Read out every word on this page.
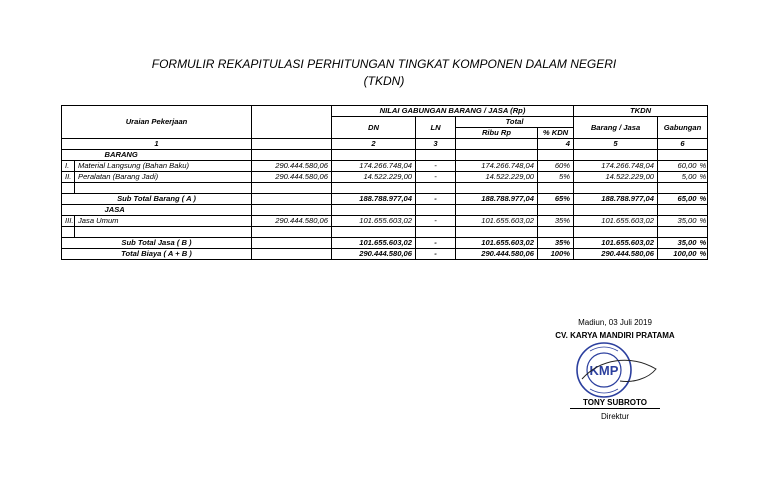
FORMULIR REKAPITULASI PERHITUNGAN TINGKAT KOMPONEN DALAM NEGERI
(TKDN)
Uraian Pekerjaan			NILAI GABUNGAN BARANG / JASA (Rp)				TKDN		
			DN	LN	Total		Barang / Jasa	Gabungan	
					Ribu Rp	% KDN			
1			2	3		4	5	6	
	BARANG								
I.	Material Langsung (Bahan Baku)	290.444.580,06	174.266.748,04	-	174.266.748,04	60%	174.266.748,04	60,00	%
II.	Peralatan (Barang Jadi)	290.444.580,06	14.522.229,00	-	14.522.229,00	5%	14.522.229,00	5,00	%

Sub Total Barang ( A )			188.788.977,04	-	188.788.977,04	65%	188.788.977,04	65,00	%
	JASA								
III.	Jasa Umum	290.444.580,06	101.655.603,02	-	101.655.603,02	35%	101.655.603,02	35,00	%

Sub Total Jasa ( B )			101.655.603,02	-	101.655.603,02	35%	101.655.603,02	35,00	%
Total Biaya ( A + B )			290.444.580,06	-	290.444.580,06	100%	290.444.580,06	100,00	%
Madiun, 03 Juli 2019
CV. KARYA MANDIRI PRATAMA
KMP
TONY SUBROTO
Direktur
